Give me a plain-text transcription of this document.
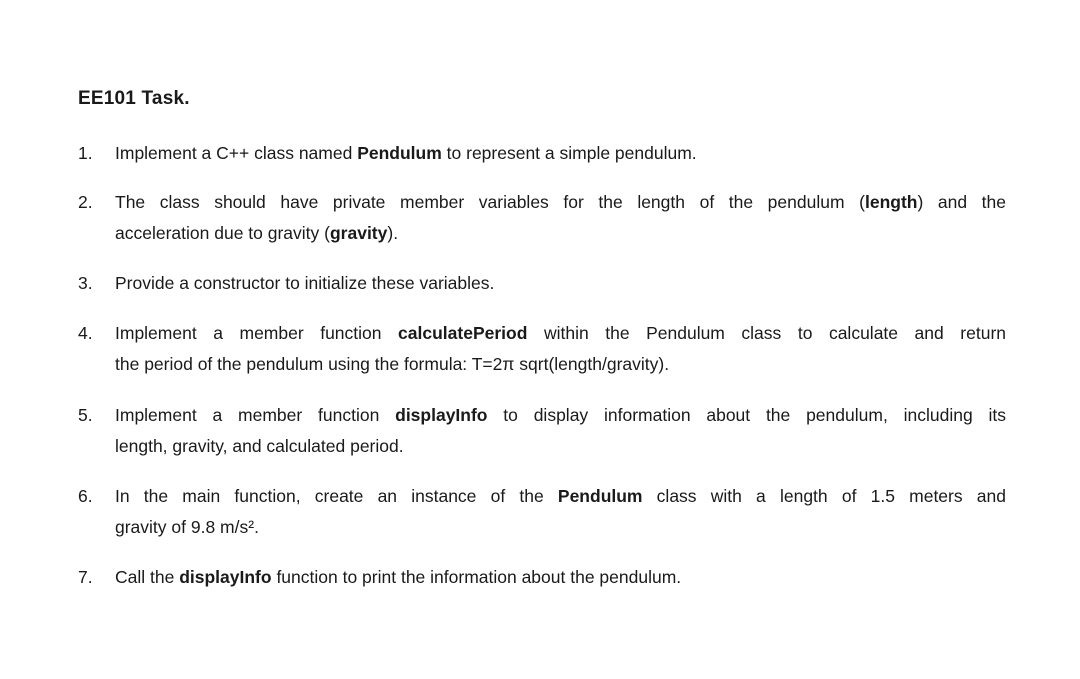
EE101 Task.
1.	Implement a C++ class named Pendulum to represent a simple pendulum.
2.	The class should have private member variables for the length of the pendulum (length) and the
acceleration due to gravity (gravity).
3.	Provide a constructor to initialize these variables.
4.	Implement a member function calculatePeriod within the Pendulum class to calculate and return
the period of the pendulum using the formula: T=2π sqrt(length/gravity).
5.	Implement a member function displayInfo to display information about the pendulum, including its
length, gravity, and calculated period.
6.	In the main function, create an instance of the Pendulum class with a length of 1.5 meters and
gravity of 9.8 m/s².
7.	Call the displayInfo function to print the information about the pendulum.
